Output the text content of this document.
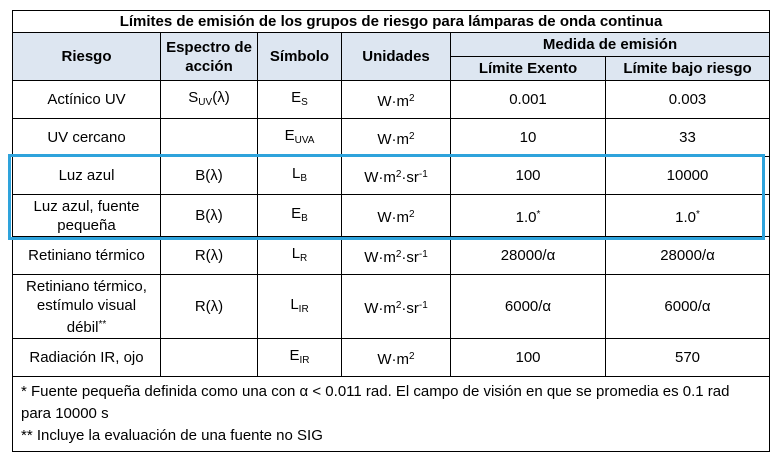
Límites de emisión de los grupos de riesgo para lámparas de onda continua					
Riesgo	Espectro de acción	Símbolo	Unidades	Medida de emisión	
				Límite Exento	Límite bajo riesgo
Actínico UV	$S_{UV}(\lambda)$	$E_S$	$W\cdot m^2$	0.001	0.003
UV cercano		$E_{UVA}$	$W\cdot m^2$	10	33
Luz azul	B(λ)	$L_B$	$W\cdot m^2\cdot sr^{-1}$	100	10000
Luz azul, fuente pequeña	B(λ)	$E_B$	$W\cdot m^2$	1.0*	1.0*
Retiniano térmico	R(λ)	$L_R$	$W\cdot m^2\cdot sr^{-1}$	28000/α	28000/α
Retiniano térmico, estímulo visual débil**	R(λ)	$L_{IR}$	$W\cdot m^2\cdot sr^{-1}$	6000/α	6000/α
Radiación IR, ojo		$E_{IR}$	$W\cdot m^2$	100	570

* Fuente pequeña definida como una con α < 0.011 rad. El campo de visión en que se promedia es 0.1 rad para 10000 s
** Incluye la evaluación de una fuente no SIG					
